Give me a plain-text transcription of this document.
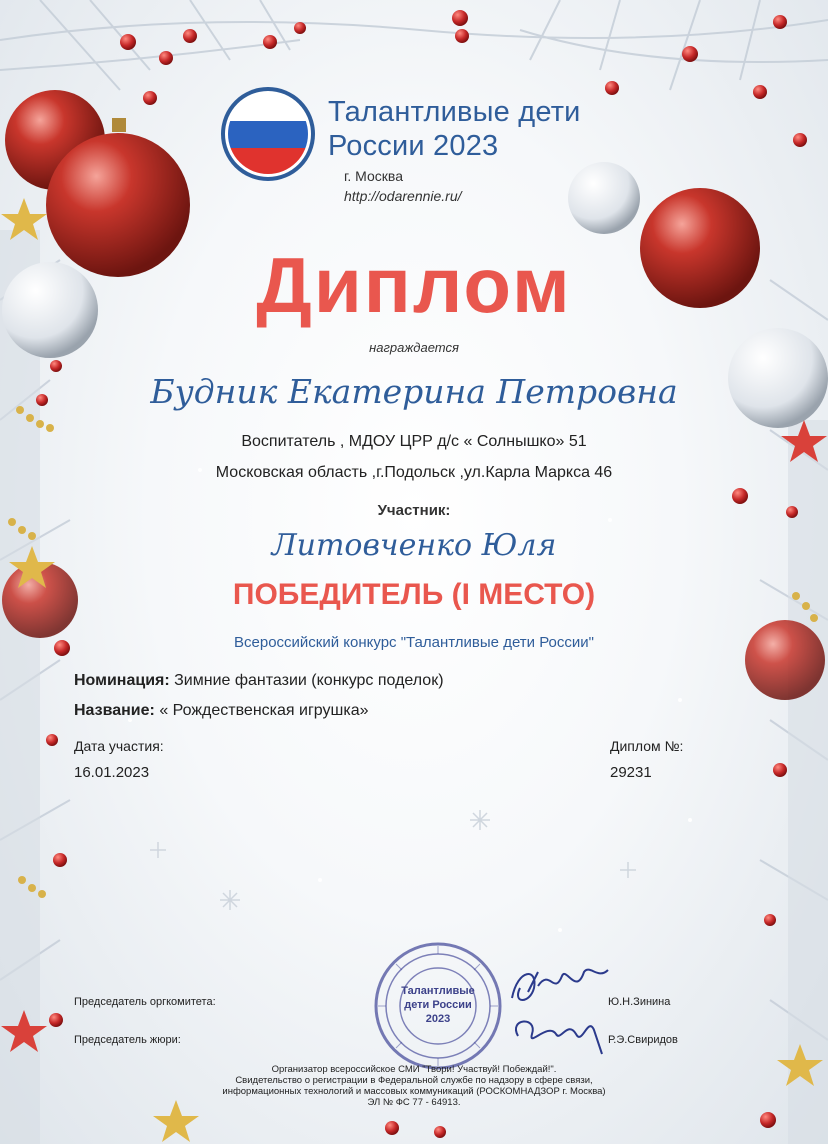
Талантливые дети
России 2023
г. Москва
http://odarennie.ru/
Диплом
награждается
Будник Екатерина Петровна
Воспитатель , МДОУ ЦРР д/с « Солнышко» 51
Московская область ,г.Подольск ,ул.Карла Маркса 46
Участник:
Литовченко Юля
ПОБЕДИТЕЛЬ (I МЕСТО)
Всероссийский конкурс "Талантливые дети России"
Номинация: Зимние фантазии (конкурс поделок)
Название: « Рождественская игрушка»
Дата участия:
16.01.2023
Диплом №:
29231
Председатель оргкомитета:	Ю.Н.Зинина
Председатель жюри:	Р.Э.Свиридов
Талантливые
дети России
2023
Организатор всероссийское СМИ "Твори! Участвуй! Побеждай!".
Свидетельство о регистрации в Федеральной службе по надзору в сфере связи,
информационных технологий и массовых коммуникаций (РОСКОМНАДЗОР г. Москва)
ЭЛ № ФС 77 - 64913.
